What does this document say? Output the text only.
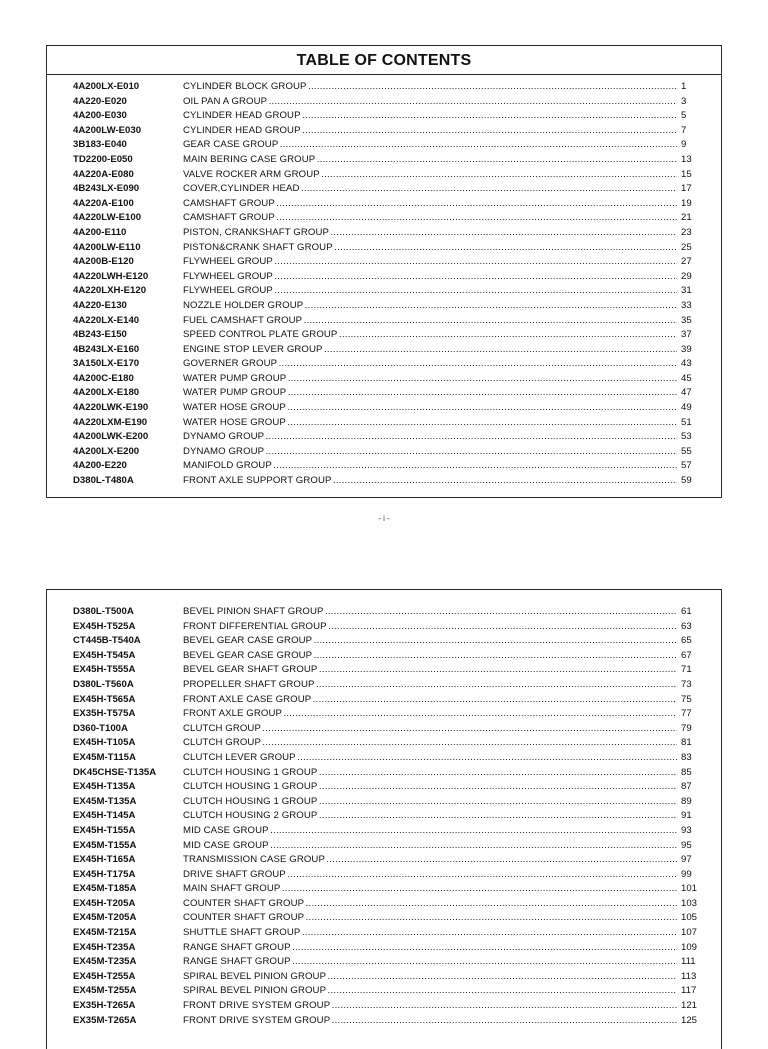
TABLE OF CONTENTS
4A200LX-E010	CYLINDER BLOCK GROUP . . .	1
4A220-E020	OIL PAN A GROUP . . .	3
4A200-E030	CYLINDER HEAD GROUP . . .	5
4A200LW-E030	CYLINDER HEAD GROUP . . .	7
3B183-E040	GEAR CASE GROUP . . .	9
TD2200-E050	MAIN BERING CASE GROUP . . .	13
4A220A-E080	VALVE ROCKER ARM GROUP . . .	15
4B243LX-E090	COVER,CYLINDER HEAD . . .	17
4A220A-E100	CAMSHAFT GROUP . . .	19
4A220LW-E100	CAMSHAFT GROUP . . .	21
4A200-E110	PISTON, CRANKSHAFT GROUP . . .	23
4A200LW-E110	PISTON&CRANK SHAFT GROUP . . .	25
4A200B-E120	FLYWHEEL GROUP . . .	27
4A220LWH-E120	FLYWHEEL GROUP . . .	29
4A220LXH-E120	FLYWHEEL GROUP . . .	31
4A220-E130	NOZZLE HOLDER GROUP . . .	33
4A220LX-E140	FUEL CAMSHAFT GROUP . . .	35
4B243-E150	SPEED CONTROL PLATE GROUP . . .	37
4B243LX-E160	ENGINE STOP LEVER GROUP . . .	39
3A150LX-E170	GOVERNER GROUP . . .	43
4A200C-E180	WATER PUMP GROUP . . .	45
4A200LX-E180	WATER PUMP GROUP . . .	47
4A220LWK-E190	WATER HOSE GROUP . . .	49
4A220LXM-E190	WATER HOSE GROUP . . .	51
4A200LWK-E200	DYNAMO GROUP . . .	53
4A200LX-E200	DYNAMO GROUP . . .	55
4A200-E220	MANIFOLD GROUP . . .	57
D380L-T480A	FRONT AXLE SUPPORT GROUP . . .	59
- i -
D380L-T500A	BEVEL PINION SHAFT GROUP . . .	61
EX45H-T525A	FRONT DIFFERENTIAL GROUP . . .	63
CT445B-T540A	BEVEL GEAR CASE GROUP . . .	65
EX45H-T545A	BEVEL GEAR CASE GROUP . . .	67
EX45H-T555A	BEVEL GEAR SHAFT GROUP . . .	71
D380L-T560A	PROPELLER SHAFT GROUP . . .	73
EX45H-T565A	FRONT AXLE CASE GROUP . . .	75
EX35H-T575A	FRONT AXLE GROUP . . .	77
D360-T100A	CLUTCH GROUP . . .	79
EX45H-T105A	CLUTCH GROUP . . .	81
EX45M-T115A	CLUTCH LEVER GROUP . . .	83
DK45CHSE-T135A	CLUTCH HOUSING 1 GROUP . . .	85
EX45H-T135A	CLUTCH HOUSING 1 GROUP . . .	87
EX45M-T135A	CLUTCH HOUSING 1 GROUP . . .	89
EX45H-T145A	CLUTCH HOUSING 2 GROUP . . .	91
EX45H-T155A	MID CASE GROUP . . .	93
EX45M-T155A	MID CASE GROUP . . .	95
EX45H-T165A	TRANSMISSION CASE GROUP . . .	97
EX45H-T175A	DRIVE SHAFT GROUP . . .	99
EX45M-T185A	MAIN SHAFT GROUP . . .	101
EX45H-T205A	COUNTER SHAFT GROUP . . .	103
EX45M-T205A	COUNTER SHAFT GROUP . . .	105
EX45M-T215A	SHUTTLE SHAFT GROUP . . .	107
EX45H-T235A	RANGE SHAFT GROUP . . .	109
EX45M-T235A	RANGE SHAFT GROUP . . .	111
EX45H-T255A	SPIRAL BEVEL PINION GROUP . . .	113
EX45M-T255A	SPIRAL BEVEL PINION GROUP . . .	117
EX35H-T265A	FRONT DRIVE SYSTEM GROUP . . .	121
EX35M-T265A	FRONT DRIVE SYSTEM GROUP . . .	125
